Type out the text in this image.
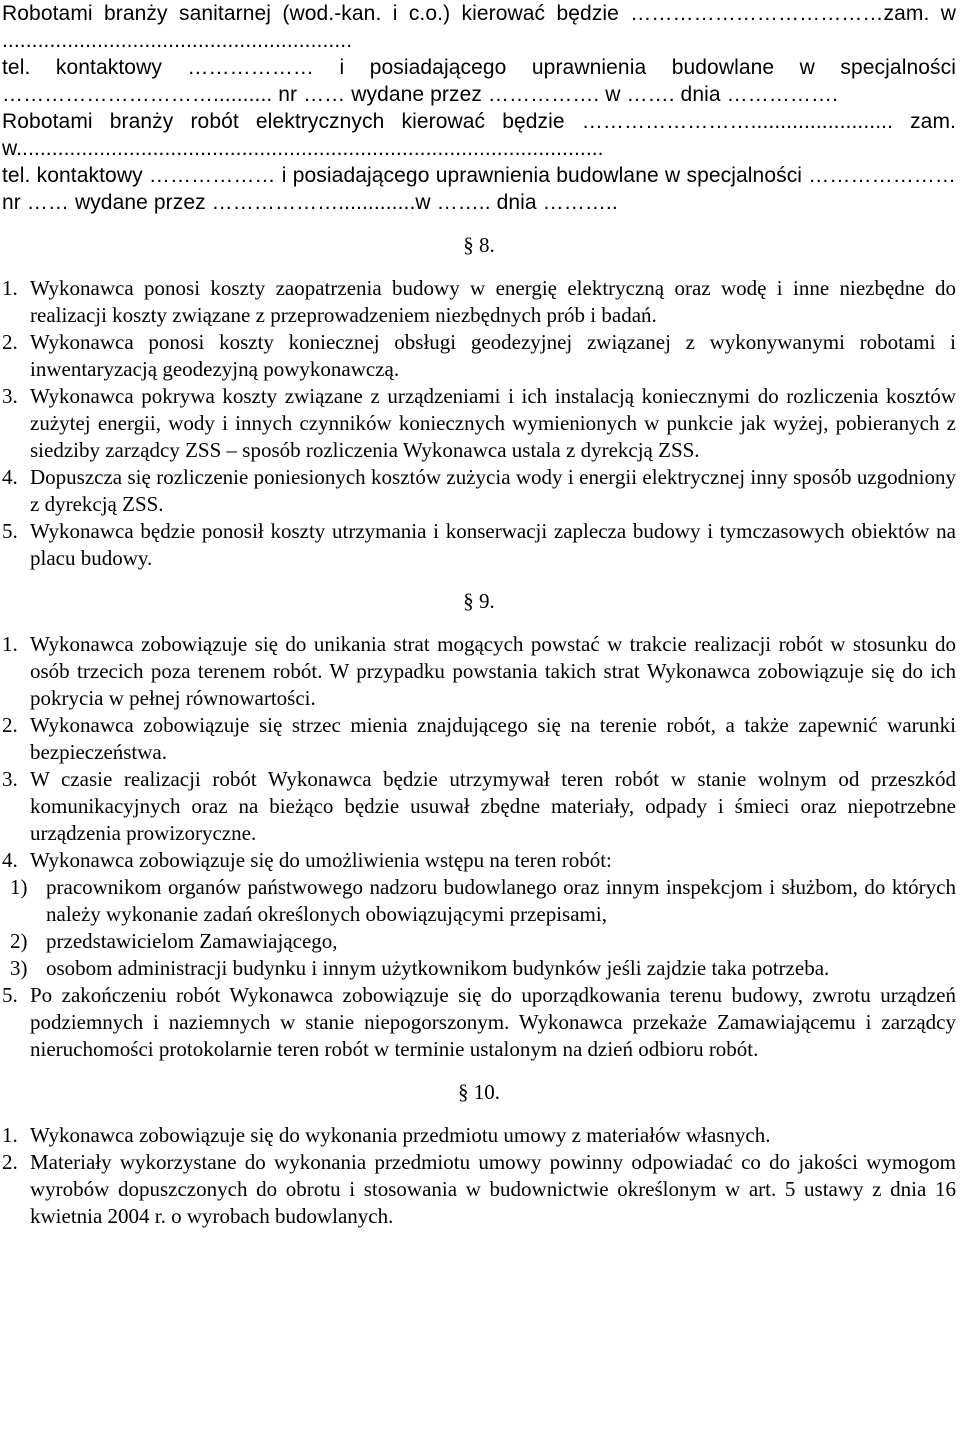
Robotami branży sanitarnej (wod.-kan. i c.o.) kierować będzie ………………………………zam. w ...........................................................

tel. kontaktowy ……………… i posiadającego uprawnienia budowlane w specjalności ………………………….......... nr …… wydane przez ……………. w ……. dnia …………….

Robotami branży robót elektrycznych kierować będzie ……………………........................ zam. w...................................................................................................

tel. kontaktowy ……………… i posiadającego uprawnienia budowlane w specjalności ………………… nr …… wydane przez ……………….............w …….. dnia ………..

§ 8.

1. Wykonawca ponosi koszty zaopatrzenia budowy w energię elektryczną oraz wodę i inne niezbędne do realizacji koszty związane z przeprowadzeniem niezbędnych prób i badań.
2. Wykonawca ponosi koszty koniecznej obsługi geodezyjnej związanej z wykonywanymi robotami i inwentaryzacją geodezyjną powykonawczą.
3. Wykonawca pokrywa koszty związane z urządzeniami i ich instalacją koniecznymi do rozliczenia kosztów zużytej energii, wody i innych czynników koniecznych wymienionych w punkcie jak wyżej, pobieranych z siedziby zarządcy ZSS – sposób rozliczenia Wykonawca ustala z dyrekcją ZSS.
4. Dopuszcza się rozliczenie poniesionych kosztów zużycia wody i energii elektrycznej inny sposób uzgodniony z dyrekcją ZSS.
5. Wykonawca będzie ponosił koszty utrzymania i konserwacji zaplecza budowy i tymczasowych obiektów na placu budowy.

§ 9.

1. Wykonawca zobowiązuje się do unikania strat mogących powstać w trakcie realizacji robót w stosunku do osób trzecich poza terenem robót. W przypadku powstania takich strat Wykonawca zobowiązuje się do ich pokrycia w pełnej równowartości.
2. Wykonawca zobowiązuje się strzec mienia znajdującego się na terenie robót, a także zapewnić warunki bezpieczeństwa.
3. W czasie realizacji robót Wykonawca będzie utrzymywał teren robót w stanie wolnym od przeszkód komunikacyjnych oraz na bieżąco będzie usuwał zbędne materiały, odpady i śmieci oraz niepotrzebne urządzenia prowizoryczne.
4. Wykonawca zobowiązuje się do umożliwienia wstępu na teren robót:
1) pracownikom organów państwowego nadzoru budowlanego oraz innym inspekcjom i służbom, do których należy wykonanie zadań określonych obowiązującymi przepisami,
2) przedstawicielom Zamawiającego,
3) osobom administracji budynku i innym użytkownikom budynków jeśli zajdzie taka potrzeba.
5. Po zakończeniu robót Wykonawca zobowiązuje się do uporządkowania terenu budowy, zwrotu urządzeń podziemnych i naziemnych w stanie niepogorszonym. Wykonawca przekaże Zamawiającemu i zarządcy nieruchomości protokolarnie teren robót w terminie ustalonym na dzień odbioru robót.

§ 10.

1. Wykonawca zobowiązuje się do wykonania przedmiotu umowy z materiałów własnych.
2. Materiały wykorzystane do wykonania przedmiotu umowy powinny odpowiadać co do jakości wymogom wyrobów dopuszczonych do obrotu i stosowania w budownictwie określonym w art. 5 ustawy z dnia 16 kwietnia 2004 r. o wyrobach budowlanych.
